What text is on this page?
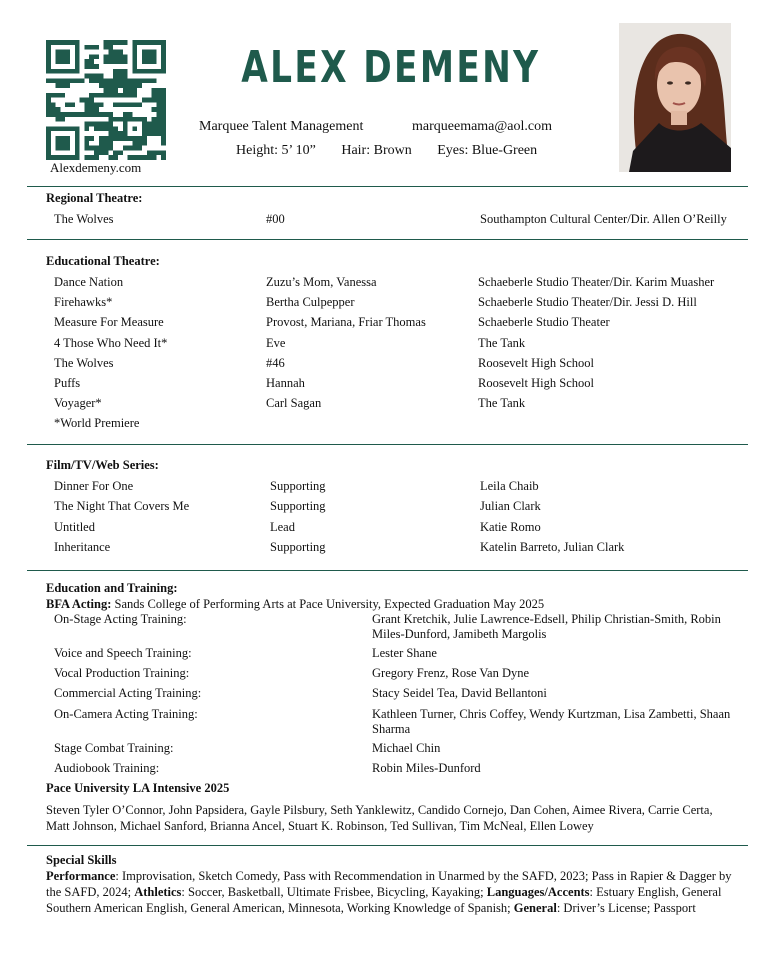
Alexdemeny.com
ALEX DEMENY
Marquee Talent Management	marqueemama@aol.com
Height: 5’ 10” Hair: Brown Eyes: Blue-Green
Regional Theatre:
The Wolves	#00	Southampton Cultural Center/Dir. Allen O’Reilly
Educational Theatre:
Dance Nation	Zuzu’s Mom, Vanessa	Schaeberle Studio Theater/Dir. Karim Muasher
Firehawks*	Bertha Culpepper	Schaeberle Studio Theater/Dir. Jessi D. Hill
Measure For Measure	Provost, Mariana, Friar Thomas	Schaeberle Studio Theater
4 Those Who Need It*	Eve	The Tank
The Wolves	#46	Roosevelt High School
Puffs	Hannah	Roosevelt High School
Voyager*	Carl Sagan	The Tank
*World Premiere
Film/TV/Web Series:
Dinner For One	Supporting	Leila Chaib
The Night That Covers Me	Supporting	Julian Clark
Untitled	Lead	Katie Romo
Inheritance	Supporting	Katelin Barreto, Julian Clark
Education and Training:
BFA Acting: Sands College of Performing Arts at Pace University, Expected Graduation May 2025
On-Stage Acting Training:	Grant Kretchik, Julie Lawrence-Edsell, Philip Christian-Smith, Robin Miles-Dunford, Jamibeth Margolis
Voice and Speech Training:	Lester Shane
Vocal Production Training:	Gregory Frenz, Rose Van Dyne
Commercial Acting Training:	Stacy Seidel Tea, David Bellantoni
On-Camera Acting Training:	Kathleen Turner, Chris Coffey, Wendy Kurtzman, Lisa Zambetti, Shaan Sharma
Stage Combat Training:	Michael Chin
Audiobook Training:	Robin Miles-Dunford
Pace University LA Intensive 2025
Steven Tyler O’Connor, John Papsidera, Gayle Pilsbury, Seth Yanklewitz, Candido Cornejo, Dan Cohen, Aimee Rivera, Carrie Certa, Matt Johnson, Michael Sanford, Brianna Ancel, Stuart K. Robinson, Ted Sullivan, Tim McNeal, Ellen Lowey
Special Skills
Performance: Improvisation, Sketch Comedy, Pass with Recommendation in Unarmed by the SAFD, 2023; Pass in Rapier & Dagger by the SAFD, 2024; Athletics: Soccer, Basketball, Ultimate Frisbee, Bicycling, Kayaking; Languages/Accents: Estuary English, General Southern American English, General American, Minnesota, Working Knowledge of Spanish; General: Driver’s License; Passport
